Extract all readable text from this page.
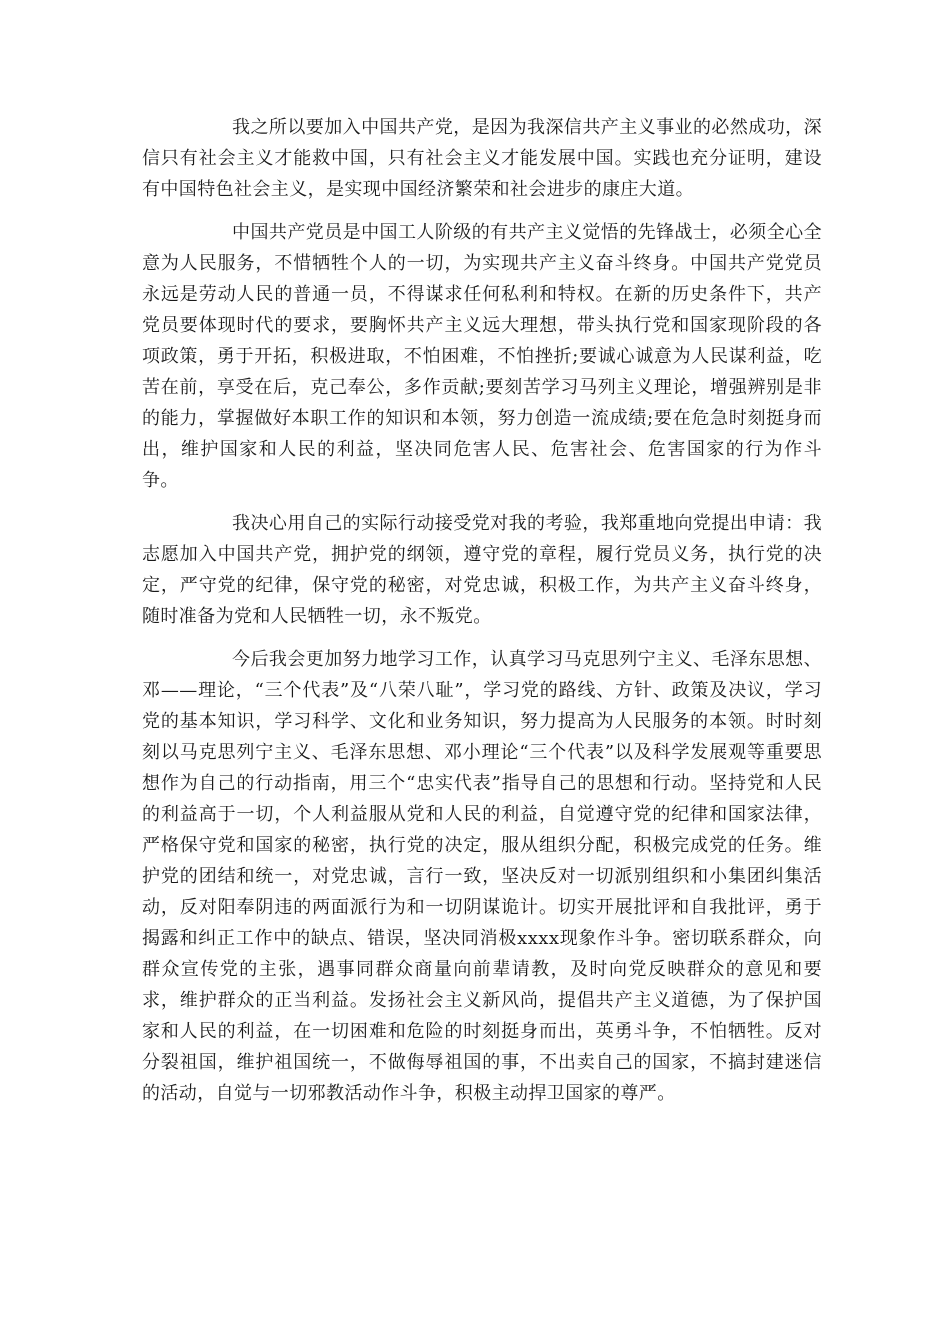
我之所以要加入中国共产党，是因为我深信共产主义事业的必然成功，深信只有社会主义才能救中国，只有社会主义才能发展中国。实践也充分证明，建设有中国特色社会主义，是实现中国经济繁荣和社会进步的康庄大道。

中国共产党员是中国工人阶级的有共产主义觉悟的先锋战士，必须全心全意为人民服务，不惜牺牲个人的一切，为实现共产主义奋斗终身。中国共产党党员永远是劳动人民的普通一员，不得谋求任何私利和特权。在新的历史条件下，共产党员要体现时代的要求，要胸怀共产主义远大理想，带头执行党和国家现阶段的各项政策，勇于开拓，积极进取，不怕困难，不怕挫折;要诚心诚意为人民谋利益，吃苦在前，享受在后，克己奉公，多作贡献;要刻苦学习马列主义理论，增强辨别是非的能力，掌握做好本职工作的知识和本领，努力创造一流成绩;要在危急时刻挺身而出，维护国家和人民的利益，坚决同危害人民、危害社会、危害国家的行为作斗争。

我决心用自己的实际行动接受党对我的考验，我郑重地向党提出申请：我志愿加入中国共产党，拥护党的纲领，遵守党的章程，履行党员义务，执行党的决定，严守党的纪律，保守党的秘密，对党忠诚，积极工作，为共产主义奋斗终身，随时准备为党和人民牺牲一切，永不叛党。

今后我会更加努力地学习工作，认真学习马克思列宁主义、毛泽东思想、邓——理论，“三个代表”及“八荣八耻”，学习党的路线、方针、政策及决议，学习党的基本知识，学习科学、文化和业务知识，努力提高为人民服务的本领。时时刻刻以马克思列宁主义、毛泽东思想、邓小理论“三个代表”以及科学发展观等重要思想作为自己的行动指南，用三个“忠实代表”指导自己的思想和行动。坚持党和人民的利益高于一切，个人利益服从党和人民的利益，自觉遵守党的纪律和国家法律，严格保守党和国家的秘密，执行党的决定，服从组织分配，积极完成党的任务。维护党的团结和统一，对党忠诚，言行一致，坚决反对一切派别组织和小集团纠集活动，反对阳奉阴违的两面派行为和一切阴谋诡计。切实开展批评和自我批评，勇于揭露和纠正工作中的缺点、错误，坚决同消极xxxx现象作斗争。密切联系群众，向群众宣传党的主张，遇事同群众商量向前辈请教，及时向党反映群众的意见和要求，维护群众的正当利益。发扬社会主义新风尚，提倡共产主义道德，为了保护国家和人民的利益，在一切困难和危险的时刻挺身而出，英勇斗争，不怕牺牲。反对分裂祖国，维护祖国统一，不做侮辱祖国的事，不出卖自己的国家，不搞封建迷信的活动，自觉与一切邪教活动作斗争，积极主动捍卫国家的尊严。
